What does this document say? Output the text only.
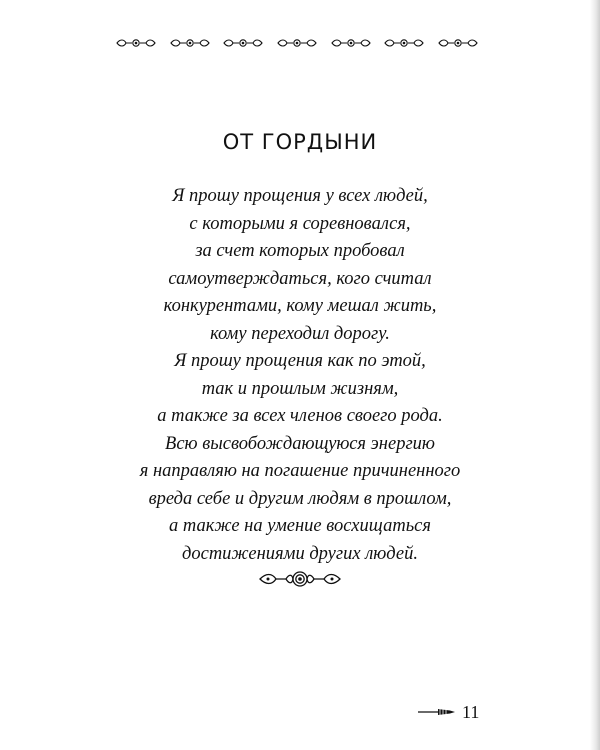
ОТ ГОРДЫНИ
Я прошу прощения у всех людей,
с которыми я соревновался,
за счет которых пробовал
самоутверждаться, кого считал
конкурентами, кому мешал жить,
кому переходил дорогу.
Я прошу прощения как по этой,
так и прошлым жизням,
а также за всех членов своего рода.
Всю высвобождающуюся энергию
я направляю на погашение причиненного
вреда себе и другим людям в прошлом,
а также на умение восхищаться
достижениями других людей.
11
